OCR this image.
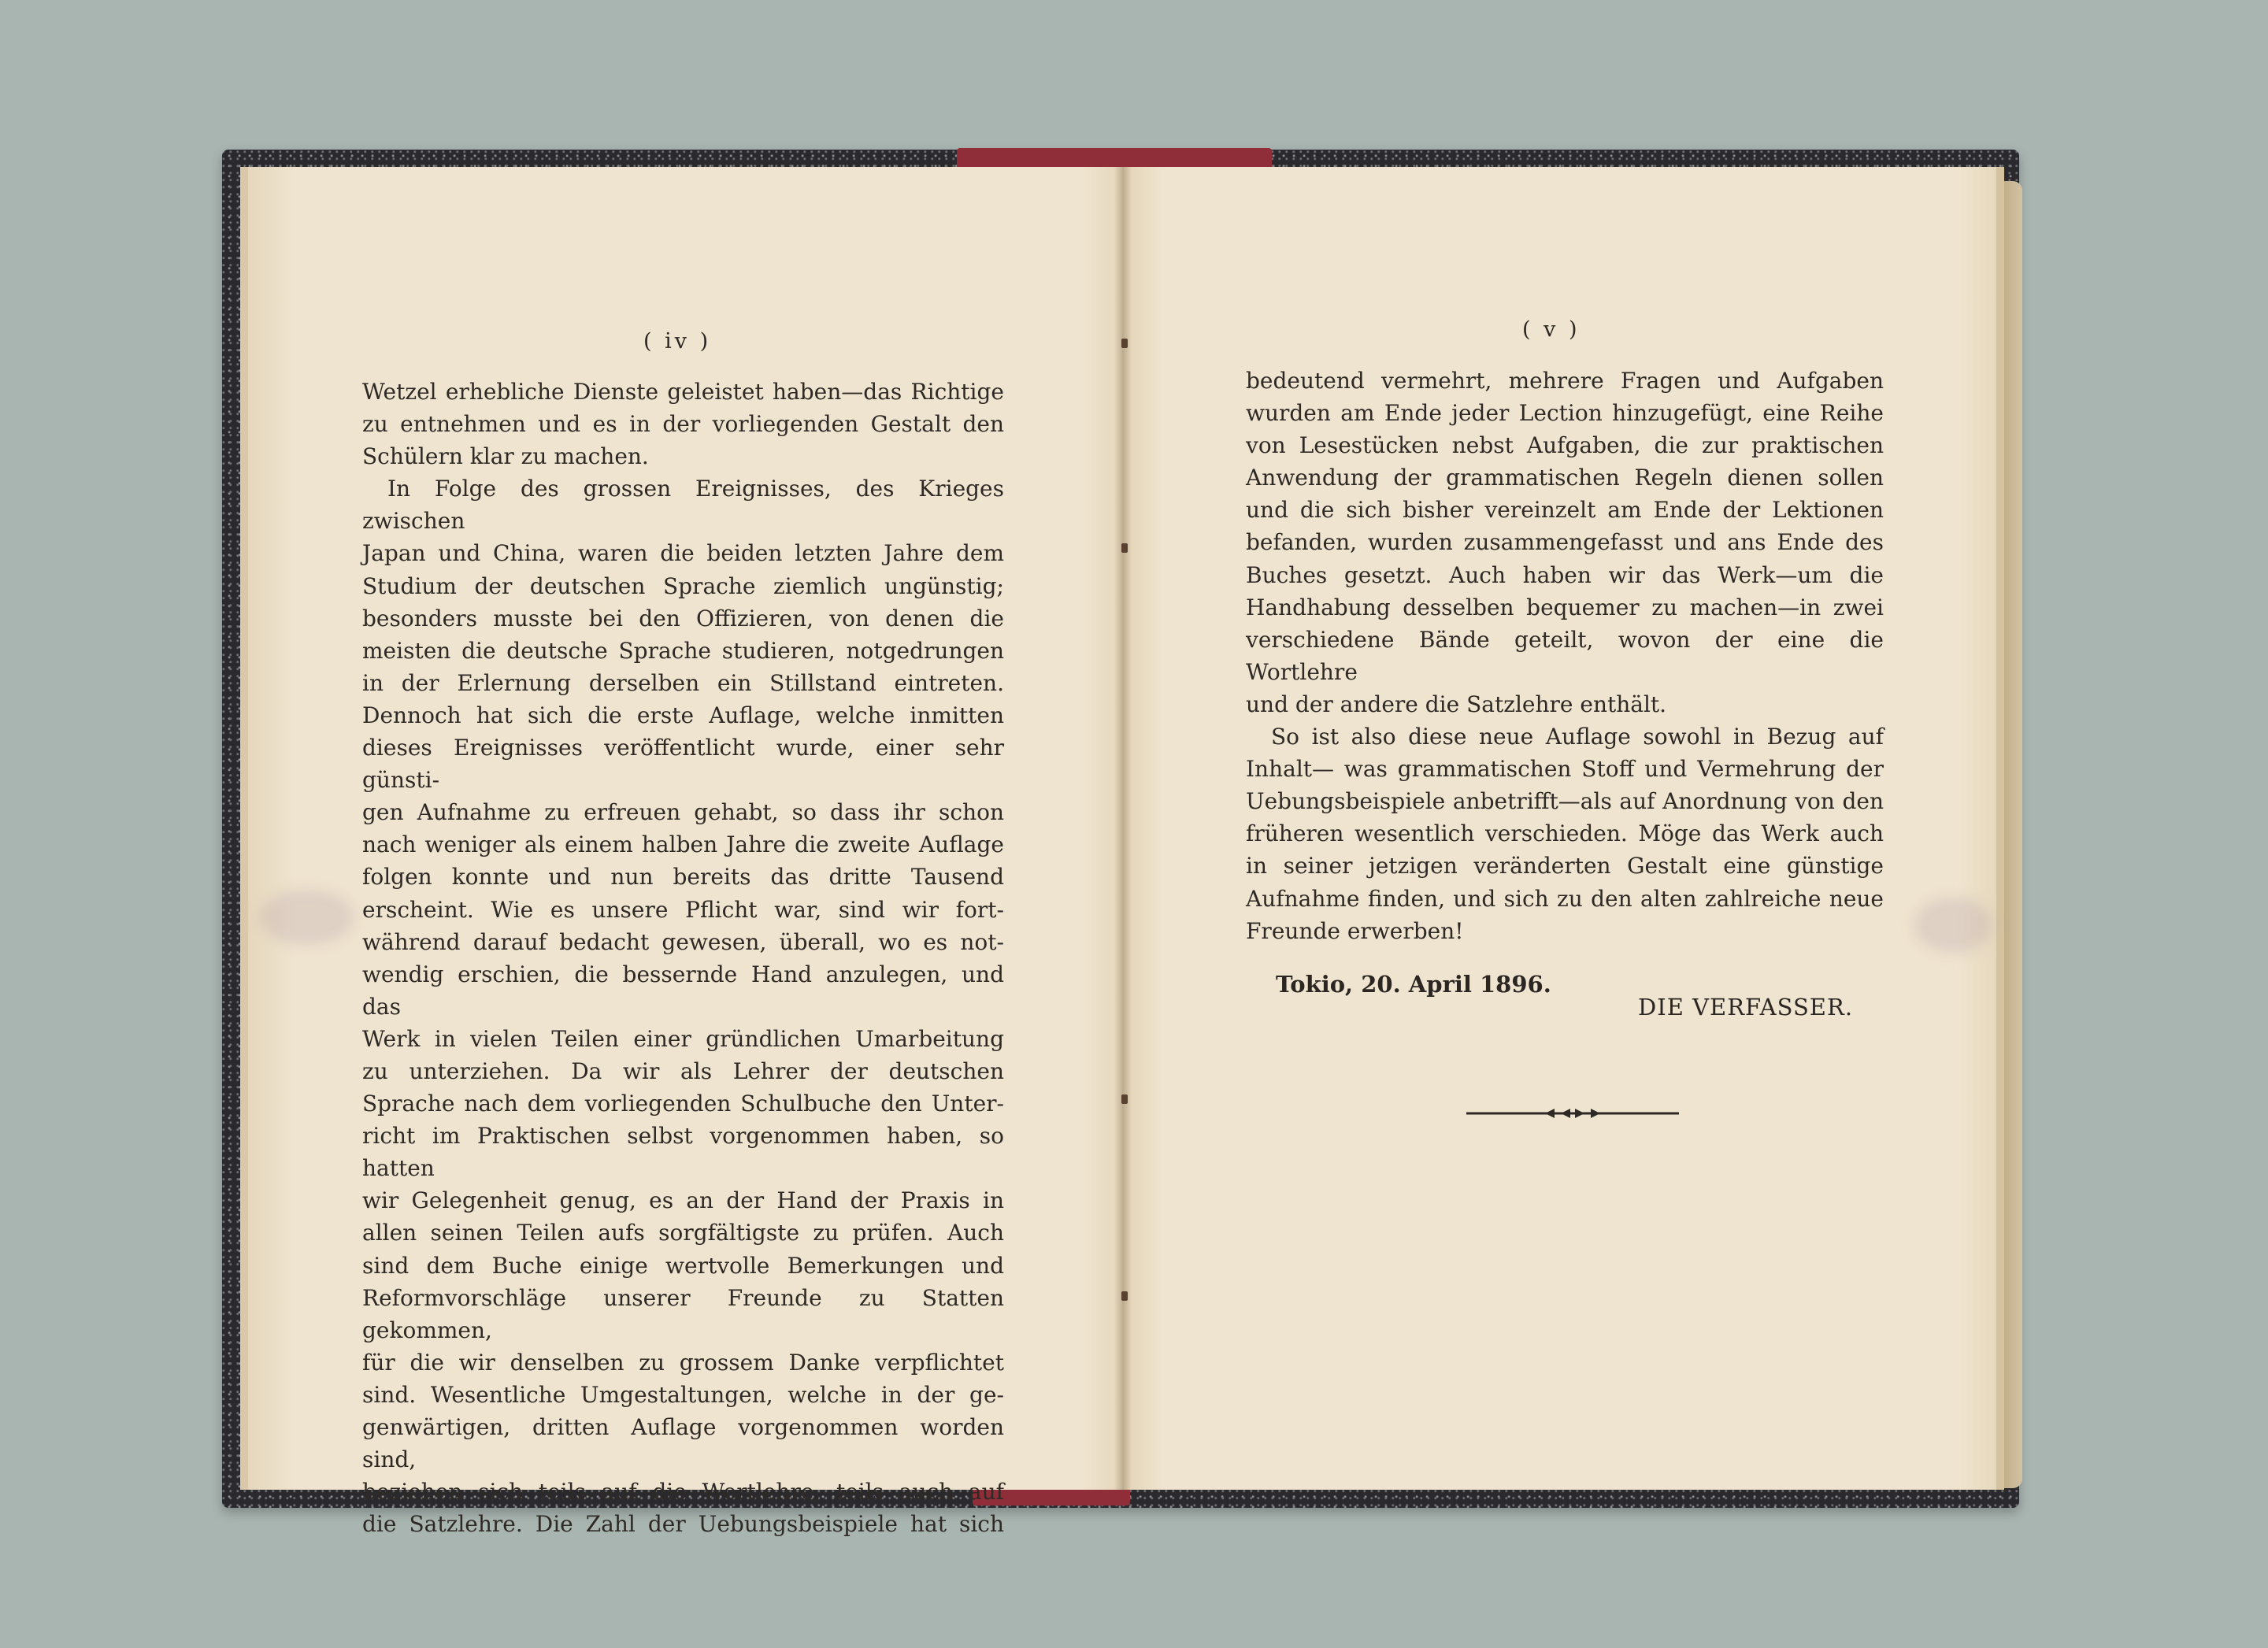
( iv )
Wetzel erhebliche Dienste geleistet haben—das Richtige
zu entnehmen und es in der vorliegenden Gestalt den
Schülern klar zu machen.
In Folge des grossen Ereignisses, des Krieges zwischen
Japan und China, waren die beiden letzten Jahre dem
Studium der deutschen Sprache ziemlich ungünstig;
besonders musste bei den Offizieren, von denen die
meisten die deutsche Sprache studieren, notgedrungen
in der Erlernung derselben ein Stillstand eintreten.
Dennoch hat sich die erste Auflage, welche inmitten
dieses Ereignisses veröffentlicht wurde, einer sehr günsti-
gen Aufnahme zu erfreuen gehabt, so dass ihr schon
nach weniger als einem halben Jahre die zweite Auflage
folgen konnte und nun bereits das dritte Tausend
erscheint. Wie es unsere Pflicht war, sind wir fort-
während darauf bedacht gewesen, überall, wo es not-
wendig erschien, die bessernde Hand anzulegen, und das
Werk in vielen Teilen einer gründlichen Umarbeitung
zu unterziehen. Da wir als Lehrer der deutschen
Sprache nach dem vorliegenden Schulbuche den Unter-
richt im Praktischen selbst vorgenommen haben, so hatten
wir Gelegenheit genug, es an der Hand der Praxis in
allen seinen Teilen aufs sorgfältigste zu prüfen. Auch
sind dem Buche einige wertvolle Bemerkungen und
Reformvorschläge unserer Freunde zu Statten gekommen,
für die wir denselben zu grossem Danke verpflichtet
sind. Wesentliche Umgestaltungen, welche in der ge-
genwärtigen, dritten Auflage vorgenommen worden sind,
beziehen sich teils auf die Wortlehre, teils auch auf
die Satzlehre. Die Zahl der Uebungsbeispiele hat sich
( v )
bedeutend vermehrt, mehrere Fragen und Aufgaben
wurden am Ende jeder Lection hinzugefügt, eine Reihe
von Lesestücken nebst Aufgaben, die zur praktischen
Anwendung der grammatischen Regeln dienen sollen
und die sich bisher vereinzelt am Ende der Lektionen
befanden, wurden zusammengefasst und ans Ende des
Buches gesetzt. Auch haben wir das Werk—um die
Handhabung desselben bequemer zu machen—in zwei
verschiedene Bände geteilt, wovon der eine die Wortlehre
und der andere die Satzlehre enthält.
So ist also diese neue Auflage sowohl in Bezug auf
Inhalt— was grammatischen Stoff und Vermehrung der
Uebungsbeispiele anbetrifft—als auf Anordnung von den
früheren wesentlich verschieden. Möge das Werk auch
in seiner jetzigen veränderten Gestalt eine günstige
Aufnahme finden, und sich zu den alten zahlreiche neue
Freunde erwerben!
Tokio, 20. April 1896.
DIE VERFASSER.
